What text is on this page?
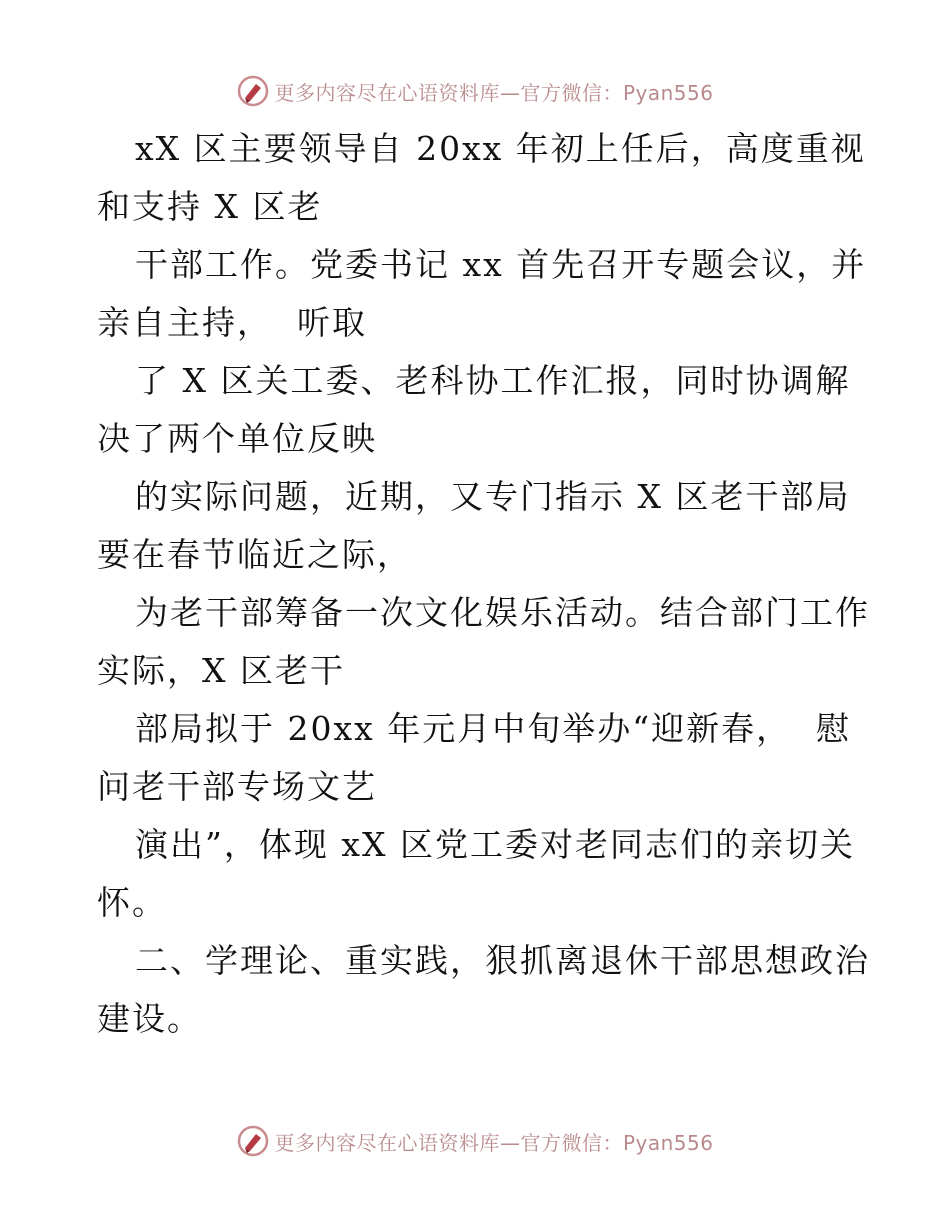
更多内容尽在心语资料库—官方微信：Pyan556
xX 区主要领导自 20xx 年初上任后，高度重视
和支持 X 区老
干部工作。党委书记 xx 首先召开专题会议，并
亲自主持，  听取
了 X 区关工委、老科协工作汇报，同时协调解
决了两个单位反映
的实际问题，近期，又专门指示 X 区老干部局
要在春节临近之际，
为老干部筹备一次文化娱乐活动。结合部门工作
实际，X 区老干
部局拟于 20xx 年元月中旬举办“迎新春，  慰
问老干部专场文艺
演出”，体现 xX 区党工委对老同志们的亲切关
怀。
二、学理论、重实践，狠抓离退休干部思想政治
建设。
更多内容尽在心语资料库—官方微信：Pyan556
